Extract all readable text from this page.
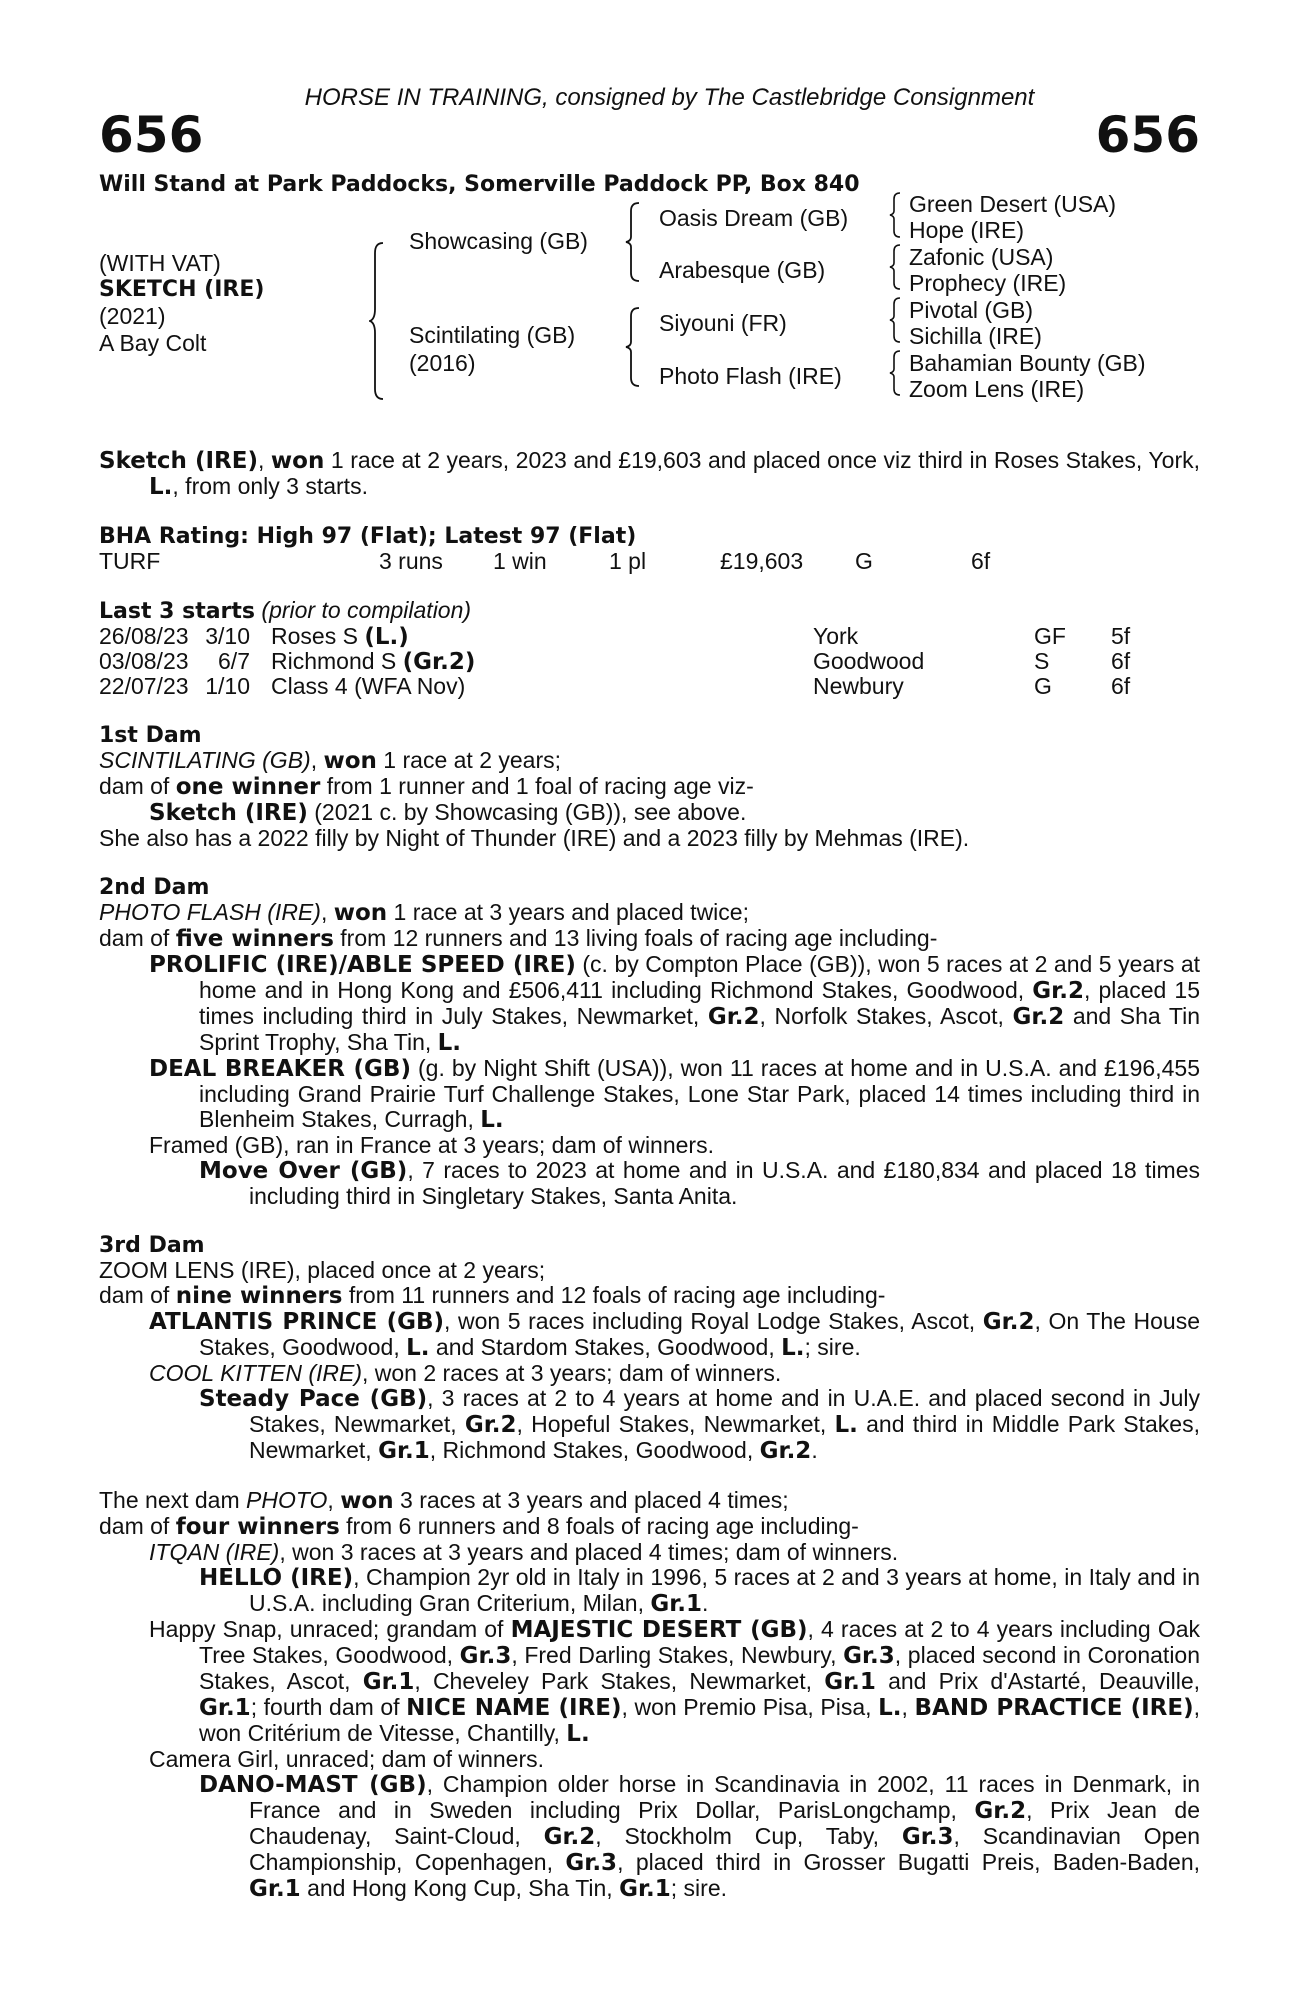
HORSE IN TRAINING, consigned by The Castlebridge Consignment
656	656
Will Stand at Park Paddocks, Somerville Paddock PP, Box 840
(WITH VAT)
SKETCH (IRE)
(2021)
A Bay Colt
Showcasing (GB)
Scintilating (GB)
(2016)
Oasis Dream (GB)
Arabesque (GB)
Siyouni (FR)
Photo Flash (IRE)
Green Desert (USA)
Hope (IRE)
Zafonic (USA)
Prophecy (IRE)
Pivotal (GB)
Sichilla (IRE)
Bahamian Bounty (GB)
Zoom Lens (IRE)
Sketch (IRE), won 1 race at 2 years, 2023 and £19,603 and placed once viz third in Roses Stakes, York, L., from only 3 starts.
BHA Rating: High 97 (Flat); Latest 97 (Flat)
TURF	3 runs 1 win	1 pl	£19,603 G	6f
Last 3 starts (prior to compilation)
26/08/23 3/10 Roses S (L.)	York	GF 5f
03/08/23	6/7 Richmond S (Gr.2)	Goodwood	S	6f
22/07/23 1/10 Class 4 (WFA Nov)	Newbury	G	6f
1st Dam
SCINTILATING (GB), won 1 race at 2 years;
dam of one winner from 1 runner and 1 foal of racing age viz-
Sketch (IRE) (2021 c. by Showcasing (GB)), see above.
She also has a 2022 filly by Night of Thunder (IRE) and a 2023 filly by Mehmas (IRE).
2nd Dam
PHOTO FLASH (IRE), won 1 race at 3 years and placed twice;
dam of five winners from 12 runners and 13 living foals of racing age including-
PROLIFIC (IRE)/ABLE SPEED (IRE) (c. by Compton Place (GB)), won 5 races at 2 and 5 years at home and in Hong Kong and £506,411 including Richmond Stakes, Goodwood, Gr.2, placed 15 times including third in July Stakes, Newmarket, Gr.2, Norfolk Stakes, Ascot, Gr.2 and Sha Tin Sprint Trophy, Sha Tin, L.
DEAL BREAKER (GB) (g. by Night Shift (USA)), won 11 races at home and in U.S.A. and £196,455 including Grand Prairie Turf Challenge Stakes, Lone Star Park, placed 14 times including third in Blenheim Stakes, Curragh, L.
Framed (GB), ran in France at 3 years; dam of winners.
Move Over (GB), 7 races to 2023 at home and in U.S.A. and £180,834 and placed 18 times including third in Singletary Stakes, Santa Anita.
3rd Dam
ZOOM LENS (IRE), placed once at 2 years;
dam of nine winners from 11 runners and 12 foals of racing age including-
ATLANTIS PRINCE (GB), won 5 races including Royal Lodge Stakes, Ascot, Gr.2, On The House Stakes, Goodwood, L. and Stardom Stakes, Goodwood, L.; sire.
COOL KITTEN (IRE), won 2 races at 3 years; dam of winners.
Steady Pace (GB), 3 races at 2 to 4 years at home and in U.A.E. and placed second in July Stakes, Newmarket, Gr.2, Hopeful Stakes, Newmarket, L. and third in Middle Park Stakes, Newmarket, Gr.1, Richmond Stakes, Goodwood, Gr.2.
The next dam PHOTO, won 3 races at 3 years and placed 4 times;
dam of four winners from 6 runners and 8 foals of racing age including-
ITQAN (IRE), won 3 races at 3 years and placed 4 times; dam of winners.
HELLO (IRE), Champion 2yr old in Italy in 1996, 5 races at 2 and 3 years at home, in Italy and in U.S.A. including Gran Criterium, Milan, Gr.1.
Happy Snap, unraced; grandam of MAJESTIC DESERT (GB), 4 races at 2 to 4 years including Oak Tree Stakes, Goodwood, Gr.3, Fred Darling Stakes, Newbury, Gr.3, placed second in Coronation Stakes, Ascot, Gr.1, Cheveley Park Stakes, Newmarket, Gr.1 and Prix d'Astarté, Deauville, Gr.1; fourth dam of NICE NAME (IRE), won Premio Pisa, Pisa, L., BAND PRACTICE (IRE), won Critérium de Vitesse, Chantilly, L.
Camera Girl, unraced; dam of winners.
DANO-MAST (GB), Champion older horse in Scandinavia in 2002, 11 races in Denmark, in France and in Sweden including Prix Dollar, ParisLongchamp, Gr.2, Prix Jean de Chaudenay, Saint-Cloud, Gr.2, Stockholm Cup, Taby, Gr.3, Scandinavian Open Championship, Copenhagen, Gr.3, placed third in Grosser Bugatti Preis, Baden-Baden, Gr.1 and Hong Kong Cup, Sha Tin, Gr.1; sire.
